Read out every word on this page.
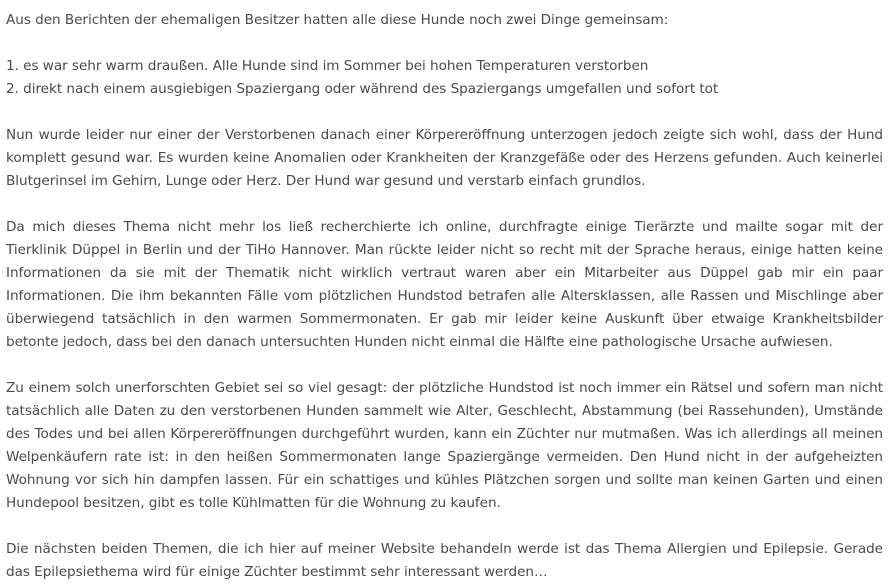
Aus den Berichten der ehemaligen Besitzer hatten alle diese Hunde noch zwei Dinge gemeinsam:

1. es war sehr warm draußen. Alle Hunde sind im Sommer bei hohen Temperaturen verstorben
2. direkt nach einem ausgiebigen Spaziergang oder während des Spaziergangs umgefallen und sofort tot

Nun wurde leider nur einer der Verstorbenen danach einer Körpereröffnung unterzogen jedoch zeigte sich wohl, dass der Hund komplett gesund war. Es wurden keine Anomalien oder Krankheiten der Kranzgefäße oder des Herzens gefunden. Auch keinerlei Blutgerinsel im Gehirn, Lunge oder Herz. Der Hund war gesund und verstarb einfach grundlos.

Da mich dieses Thema nicht mehr los ließ recherchierte ich online, durchfragte einige Tierärzte und mailte sogar mit der Tierklinik Düppel in Berlin und der TiHo Hannover. Man rückte leider nicht so recht mit der Sprache heraus, einige hatten keine Informationen da sie mit der Thematik nicht wirklich vertraut waren aber ein Mitarbeiter aus Düppel gab mir ein paar Informationen. Die ihm bekannten Fälle vom plötzlichen Hundstod betrafen alle Altersklassen, alle Rassen und Mischlinge aber überwiegend tatsächlich in den warmen Sommermonaten. Er gab mir leider keine Auskunft über etwaige Krankheitsbilder betonte jedoch, dass bei den danach untersuchten Hunden nicht einmal die Hälfte eine pathologische Ursache aufwiesen.

Zu einem solch unerforschten Gebiet sei so viel gesagt: der plötzliche Hundstod ist noch immer ein Rätsel und sofern man nicht tatsächlich alle Daten zu den verstorbenen Hunden sammelt wie Alter, Geschlecht, Abstammung (bei Rassehunden), Umstände des Todes und bei allen Körpereröffnungen durchgeführt wurden, kann ein Züchter nur mutmaßen. Was ich allerdings all meinen Welpenkäufern rate ist: in den heißen Sommermonaten lange Spaziergänge vermeiden. Den Hund nicht in der aufgeheizten Wohnung vor sich hin dampfen lassen. Für ein schattiges und kühles Plätzchen sorgen und sollte man keinen Garten und einen Hundepool besitzen, gibt es tolle Kühlmatten für die Wohnung zu kaufen.

Die nächsten beiden Themen, die ich hier auf meiner Website behandeln werde ist das Thema Allergien und Epilepsie. Gerade das Epilepsiethema wird für einige Züchter bestimmt sehr interessant werden…
